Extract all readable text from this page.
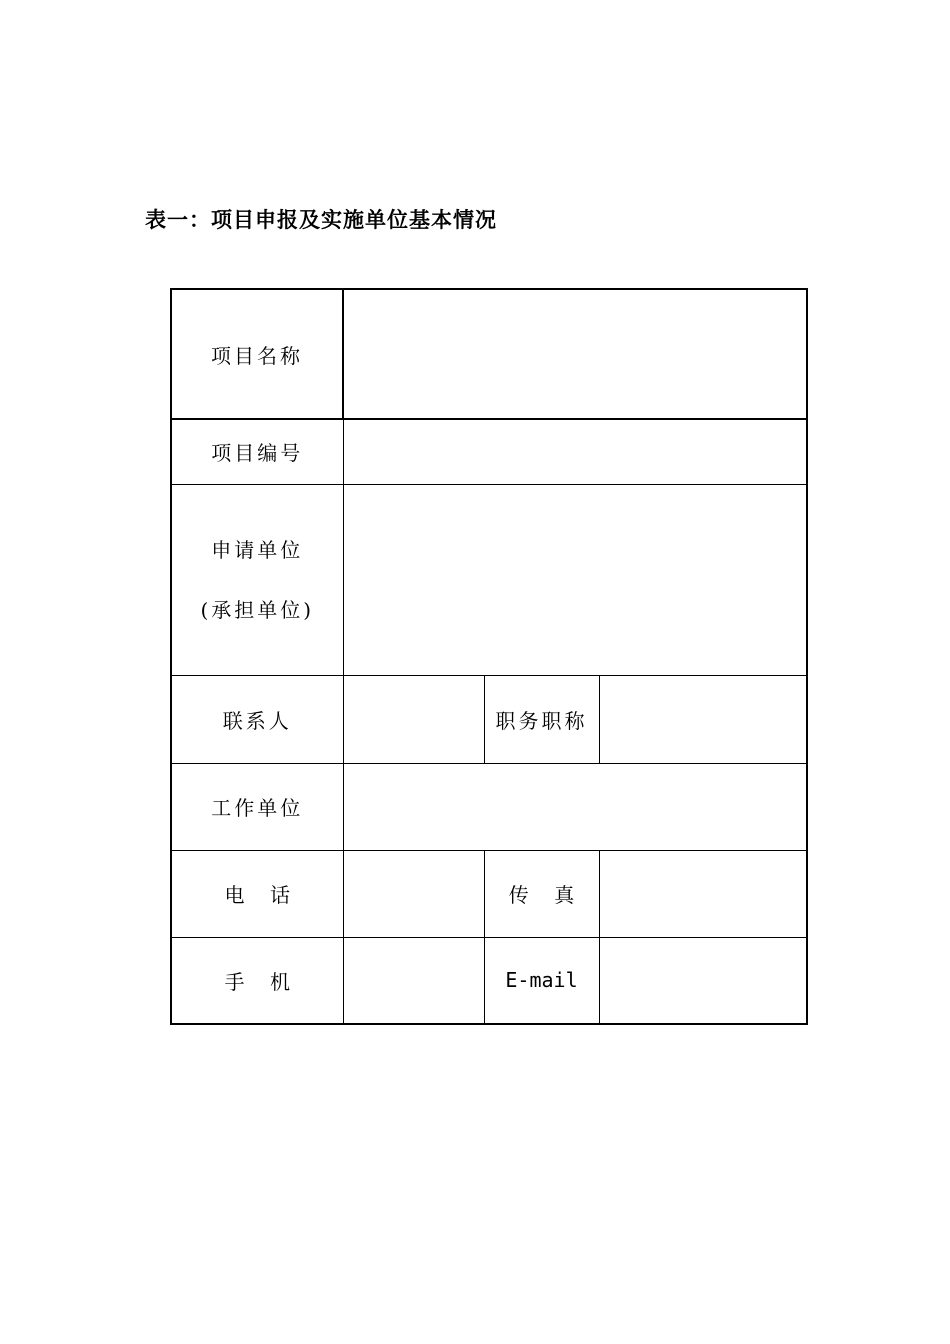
表一：项目申报及实施单位基本情况
项目名称			
项目编号			

申请单位
(承担单位)			

联系人		职务职称	
工作单位			
电    话		传    真	
手    机		E-mail	
